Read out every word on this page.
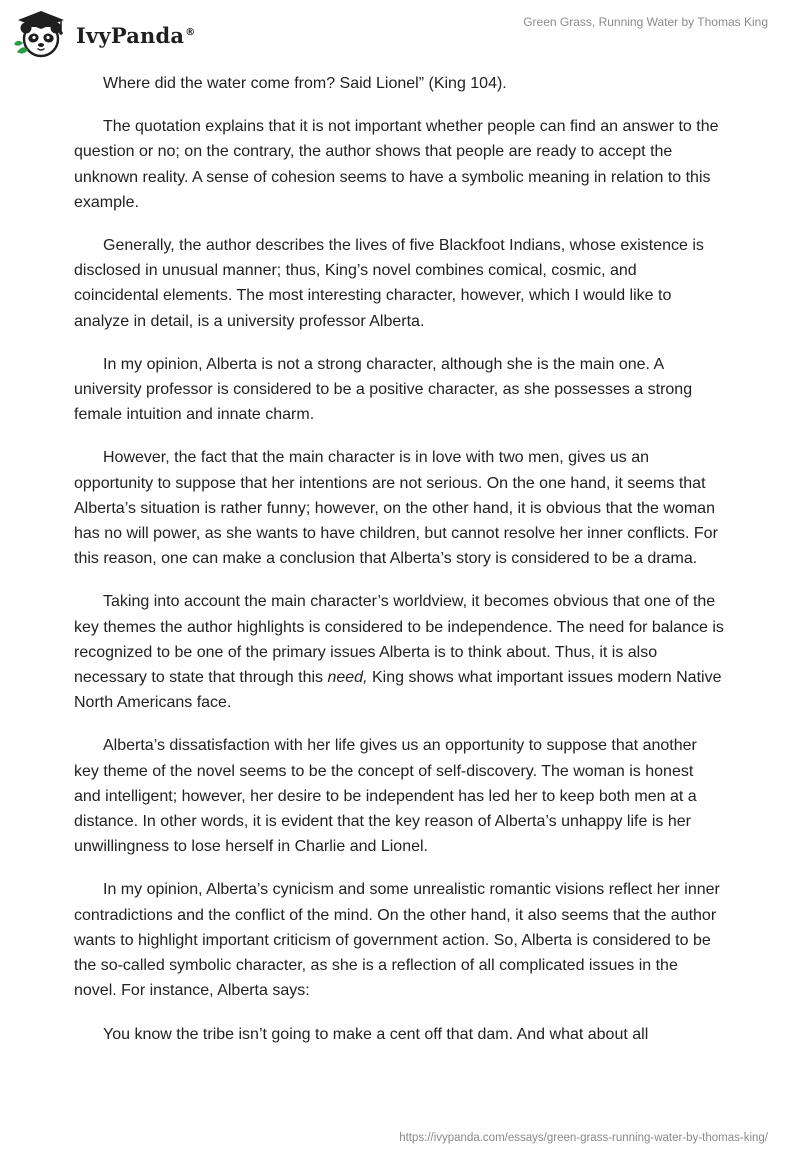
IvyPanda®
Green Grass, Running Water by Thomas King

Where did the water come from? Said Lionel” (King 104).

The quotation explains that it is not important whether people can find an answer to the question or no; on the contrary, the author shows that people are ready to accept the unknown reality. A sense of cohesion seems to have a symbolic meaning in relation to this example.

Generally, the author describes the lives of five Blackfoot Indians, whose existence is disclosed in unusual manner; thus, King’s novel combines comical, cosmic, and coincidental elements. The most interesting character, however, which I would like to analyze in detail, is a university professor Alberta.

In my opinion, Alberta is not a strong character, although she is the main one. A university professor is considered to be a positive character, as she possesses a strong female intuition and innate charm.

However, the fact that the main character is in love with two men, gives us an opportunity to suppose that her intentions are not serious. On the one hand, it seems that Alberta’s situation is rather funny; however, on the other hand, it is obvious that the woman has no will power, as she wants to have children, but cannot resolve her inner conflicts. For this reason, one can make a conclusion that Alberta’s story is considered to be a drama.

Taking into account the main character’s worldview, it becomes obvious that one of the key themes the author highlights is considered to be independence. The need for balance is recognized to be one of the primary issues Alberta is to think about. Thus, it is also necessary to state that through this need, King shows what important issues modern Native North Americans face.

Alberta’s dissatisfaction with her life gives us an opportunity to suppose that another key theme of the novel seems to be the concept of self-discovery. The woman is honest and intelligent; however, her desire to be independent has led her to keep both men at a distance. In other words, it is evident that the key reason of Alberta’s unhappy life is her unwillingness to lose herself in Charlie and Lionel.

In my opinion, Alberta’s cynicism and some unrealistic romantic visions reflect her inner contradictions and the conflict of the mind. On the other hand, it also seems that the author wants to highlight important criticism of government action. So, Alberta is considered to be the so-called symbolic character, as she is a reflection of all complicated issues in the novel. For instance, Alberta says:

You know the tribe isn’t going to make a cent off that dam. And what about all

https://ivypanda.com/essays/green-grass-running-water-by-thomas-king/
